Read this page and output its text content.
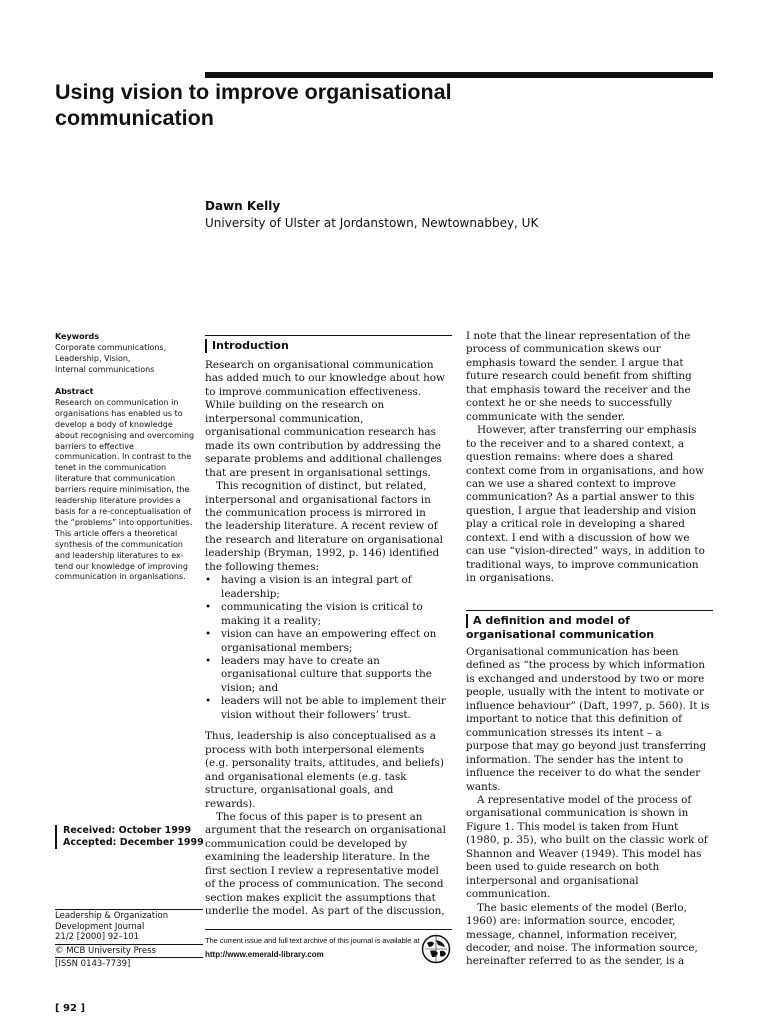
Using vision to improve organisational
communication
Dawn Kelly
University of Ulster at Jordanstown, Newtownabbey, UK
Keywords
Corporate communications,
Leadership, Vision,
Internal communications
Abstract
Research on communication in
organisations has enabled us to
develop a body of knowledge
about recognising and overcoming
barriers to effective
communication. In contrast to the
tenet in the communication
literature that communication
barriers require minimisation, the
leadership literature provides a
basis for a re-conceptualisation of
the “problems” into opportunities.
This article offers a theoretical
synthesis of the communication
and leadership literatures to ex-
tend our knowledge of improving
communication in organisations.
Received: October 1999
Accepted: December 1999
Leadership & Organization
Development Journal
21/2 [2000] 92–101
© MCB University Press
[ISSN 0143-7739]
[ 92 ]
Introduction
Research on organisational communication
has added much to our knowledge about how
to improve communication effectiveness.
While building on the research on
interpersonal communication,
organisational communication research has
made its own contribution by addressing the
separate problems and additional challenges
that are present in organisational settings.
This recognition of distinct, but related,
interpersonal and organisational factors in
the communication process is mirrored in
the leadership literature. A recent review of
the research and literature on organisational
leadership (Bryman, 1992, p. 146) identified
the following themes:
• having a vision is an integral part of
leadership;
• communicating the vision is critical to
making it a reality;
• vision can have an empowering effect on
organisational members;
• leaders may have to create an
organisational culture that supports the
vision; and
• leaders will not be able to implement their
vision without their followers’ trust.
Thus, leadership is also conceptualised as a
process with both interpersonal elements
(e.g. personality traits, attitudes, and beliefs)
and organisational elements (e.g. task
structure, organisational goals, and
rewards).
The focus of this paper is to present an
argument that the research on organisational
communication could be developed by
examining the leadership literature. In the
first section I review a representative model
of the process of communication. The second
section makes explicit the assumptions that
underlie the model. As part of the discussion,
The current issue and full text archive of this journal is available at
http://www.emerald-library.com
I note that the linear representation of the
process of communication skews our
emphasis toward the sender. I argue that
future research could benefit from shifting
that emphasis toward the receiver and the
context he or she needs to successfully
communicate with the sender.
However, after transferring our emphasis
to the receiver and to a shared context, a
question remains: where does a shared
context come from in organisations, and how
can we use a shared context to improve
communication? As a partial answer to this
question, I argue that leadership and vision
play a critical role in developing a shared
context. I end with a discussion of how we
can use “vision-directed” ways, in addition to
traditional ways, to improve communication
in organisations.
A definition and model of
organisational communication
Organisational communication has been
defined as “the process by which information
is exchanged and understood by two or more
people, usually with the intent to motivate or
influence behaviour” (Daft, 1997, p. 560). It is
important to notice that this definition of
communication stresses its intent – a
purpose that may go beyond just transferring
information. The sender has the intent to
influence the receiver to do what the sender
wants.
A representative model of the process of
organisational communication is shown in
Figure 1. This model is taken from Hunt
(1980, p. 35), who built on the classic work of
Shannon and Weaver (1949). This model has
been used to guide research on both
interpersonal and organisational
communication.
The basic elements of the model (Berlo,
1960) are: information source, encoder,
message, channel, information receiver,
decoder, and noise. The information source,
hereinafter referred to as the sender, is a
